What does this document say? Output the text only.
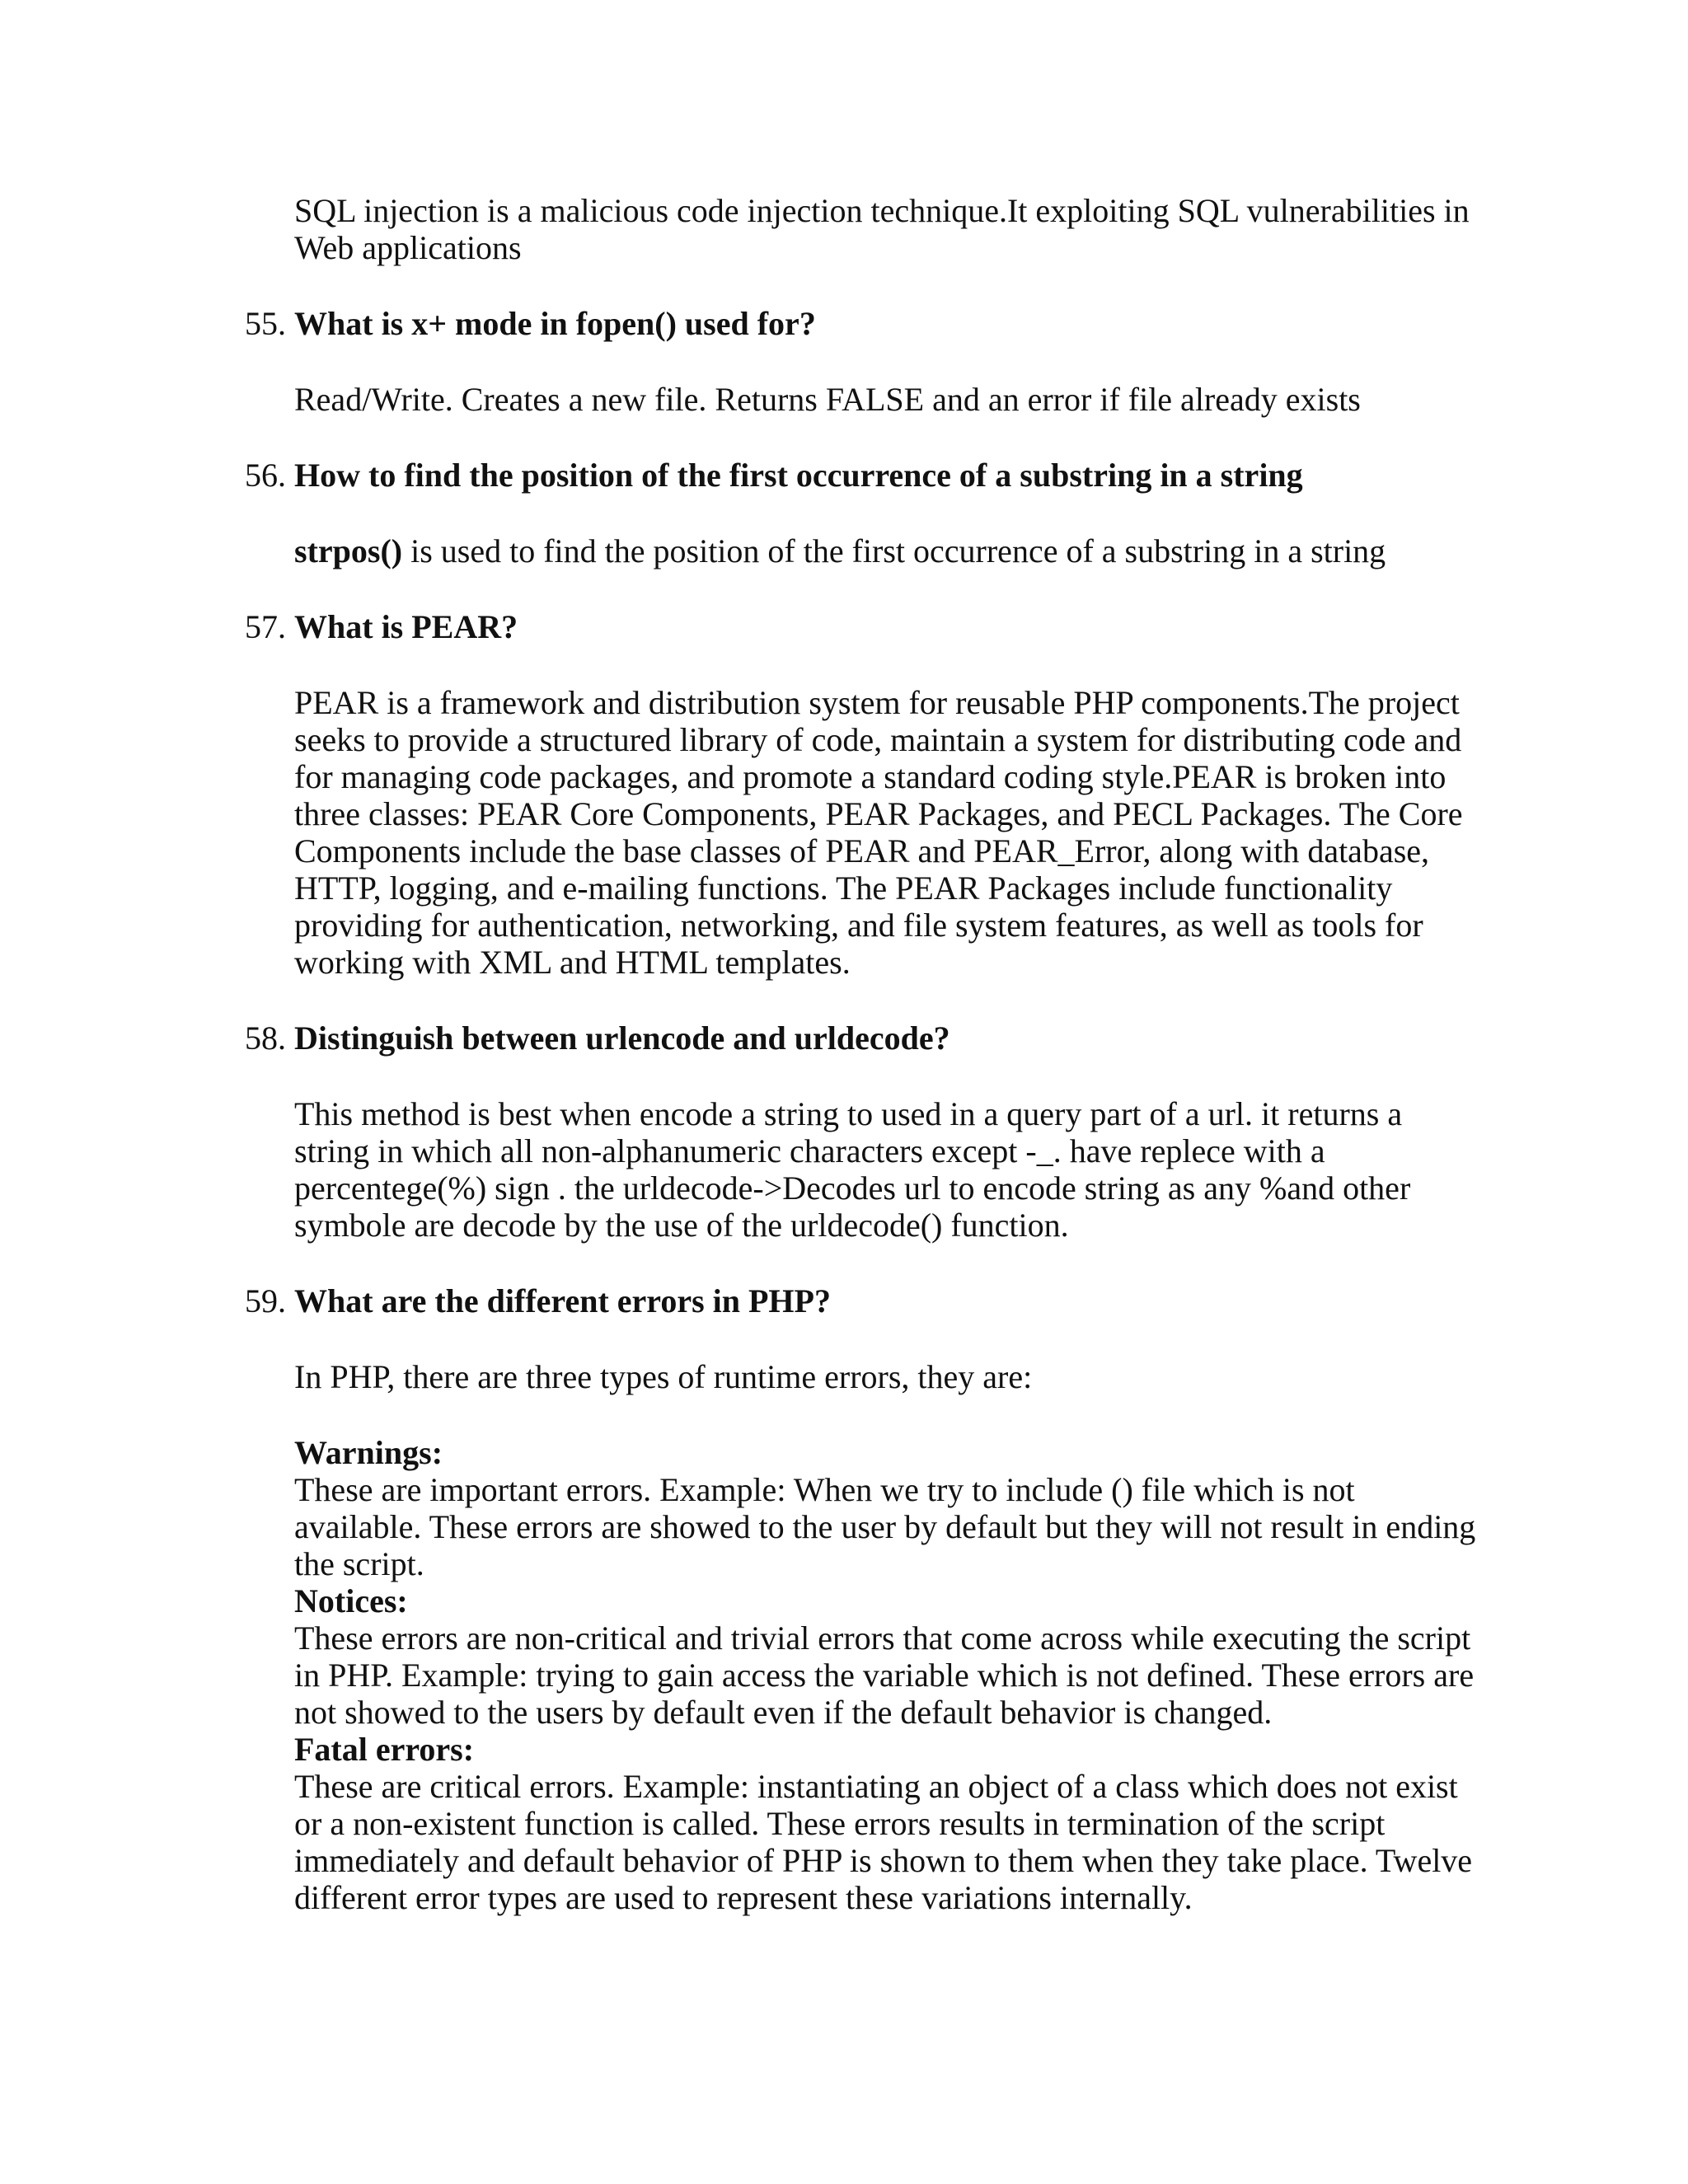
SQL injection is a malicious code injection technique.It exploiting SQL vulnerabilities in Web applications

55. What is x+ mode in fopen() used for?

Read/Write. Creates a new file. Returns FALSE and an error if file already exists

56. How to find the position of the first occurrence of a substring in a string

strpos() is used to find the position of the first occurrence of a substring in a string

57. What is PEAR?

PEAR is a framework and distribution system for reusable PHP components.The project seeks to provide a structured library of code, maintain a system for distributing code and for managing code packages, and promote a standard coding style.PEAR is broken into three classes: PEAR Core Components, PEAR Packages, and PECL Packages. The Core Components include the base classes of PEAR and PEAR_Error, along with database, HTTP, logging, and e-mailing functions. The PEAR Packages include functionality providing for authentication, networking, and file system features, as well as tools for working with XML and HTML templates.

58. Distinguish between urlencode and urldecode?

This method is best when encode a string to used in a query part of a url. it returns a string in which all non-alphanumeric characters except -_. have replece with a percentege(%) sign . the urldecode->Decodes url to encode string as any %and other symbole are decode by the use of the urldecode() function.

59. What are the different errors in PHP?

In PHP, there are three types of runtime errors, they are:

Warnings:

These are important errors. Example: When we try to include () file which is not available. These errors are showed to the user by default but they will not result in ending the script.

Notices:

These errors are non-critical and trivial errors that come across while executing the script in PHP. Example: trying to gain access the variable which is not defined. These errors are not showed to the users by default even if the default behavior is changed.

Fatal errors:

These are critical errors. Example: instantiating an object of a class which does not exist or a non-existent function is called. These errors results in termination of the script immediately and default behavior of PHP is shown to them when they take place. Twelve different error types are used to represent these variations internally.
